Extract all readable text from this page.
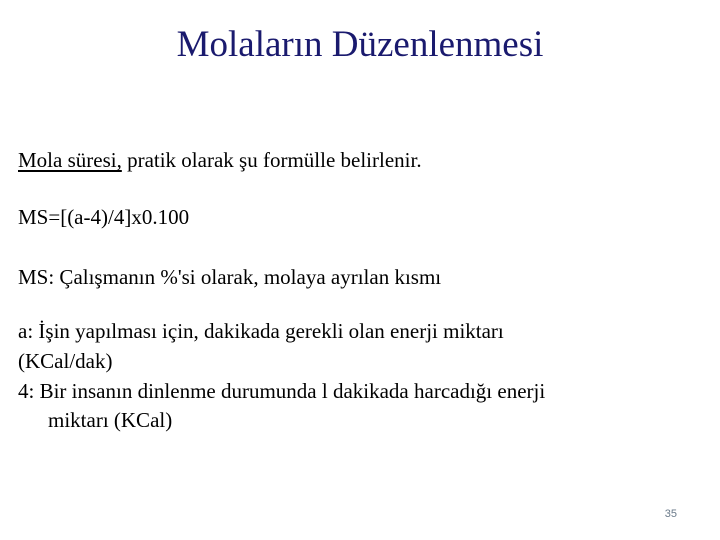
Molaların Düzenlenmesi

Mola süresi, pratik olarak şu formülle belirlenir.

MS=[(a-4)/4]x0.100

MS: Çalışmanın %'si olarak, molaya ayrılan kısmı

a: İşin yapılması için, dakikada gerekli olan enerji miktarı

(KCal/dak)

4: Bir insanın dinlenme durumunda l dakikada harcadığı enerji

miktarı (KCal)

35
